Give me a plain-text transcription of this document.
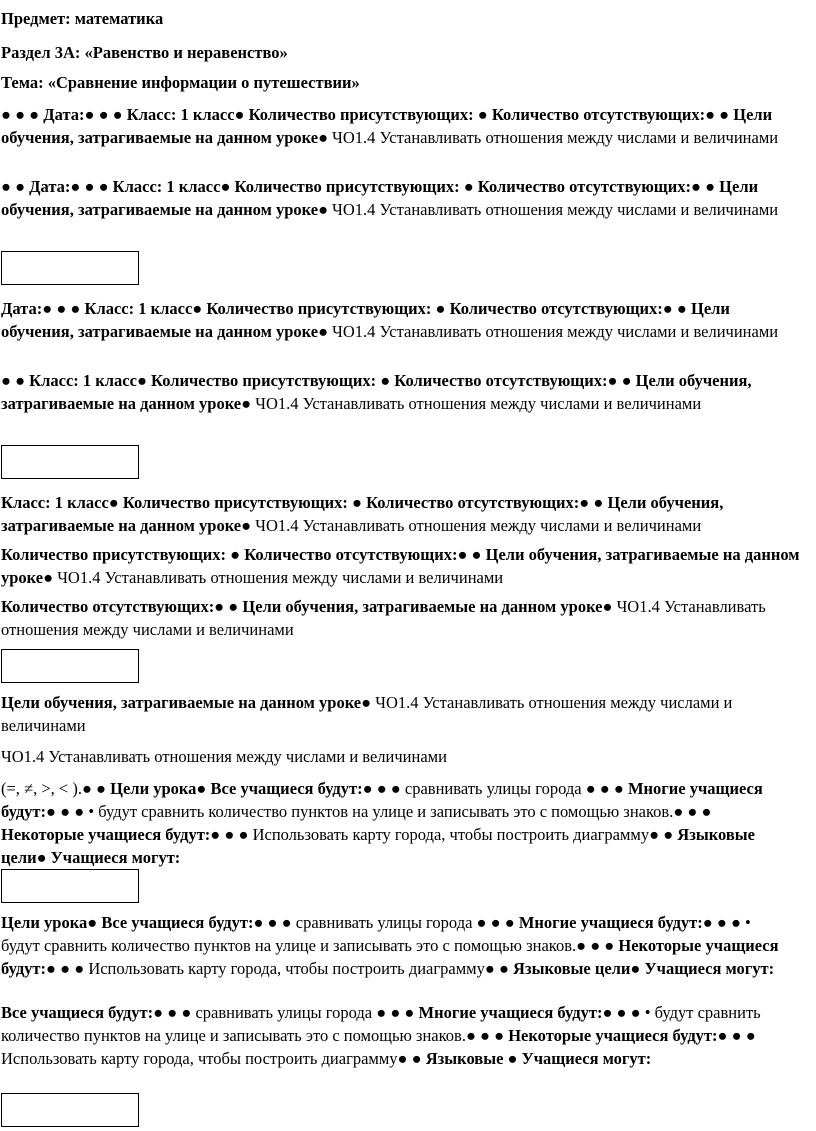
Предмет: математика

Раздел 3А: «Равенство и неравенство»

Тема: «Сравнение информации о путешествии»

● ● ● Дата:● ● ● Класс: 1 класс● Количество присутствующих: ● Количество отсутствующих:● ● Цели обучения, затрагиваемые на данном уроке● ЧО1.4 Устанавливать отношения между числами и величинами

● ● Дата:● ● ● Класс: 1 класс● Количество присутствующих: ● Количество отсутствующих:● ● Цели обучения, затрагиваемые на данном уроке● ЧО1.4 Устанавливать отношения между числами и величинами

Дата:● ● ● Класс: 1 класс● Количество присутствующих: ● Количество отсутствующих:● ● Цели обучения, затрагиваемые на данном уроке● ЧО1.4 Устанавливать отношения между числами и величинами

● ● Класс: 1 класс● Количество присутствующих: ● Количество отсутствующих:● ● Цели обучения, затрагиваемые на данном уроке● ЧО1.4 Устанавливать отношения между числами и величинами

Класс: 1 класс● Количество присутствующих: ● Количество отсутствующих:● ● Цели обучения, затрагиваемые на данном уроке● ЧО1.4 Устанавливать отношения между числами и величинами

Количество присутствующих: ● Количество отсутствующих:● ● Цели обучения, затрагиваемые на данном уроке● ЧО1.4 Устанавливать отношения между числами и величинами

Количество отсутствующих:● ● Цели обучения, затрагиваемые на данном уроке● ЧО1.4 Устанавливать отношения между числами и величинами

Цели обучения, затрагиваемые на данном уроке● ЧО1.4 Устанавливать отношения между числами и величинами

ЧО1.4 Устанавливать отношения между числами и величинами

(=, ≠, >, < ).● ● Цели урока● Все учащиеся будут:● ● ● сравнивать улицы города ● ● ● Многие учащиеся будут:● ● ● • будут сравнить количество пунктов на улице и записывать это с помощью знаков.● ● ● Некоторые учащиеся будут:● ● ● Использовать карту города, чтобы построить диаграмму● ● Языковые цели● Учащиеся могут:

Цели урока● Все учащиеся будут:● ● ● сравнивать улицы города ● ● ● Многие учащиеся будут:● ● ● • будут сравнить количество пунктов на улице и записывать это с помощью знаков.● ● ● Некоторые учащиеся будут:● ● ● Использовать карту города, чтобы построить диаграмму● ● Языковые цели● Учащиеся могут:

Все учащиеся будут:● ● ● сравнивать улицы города ● ● ● Многие учащиеся будут:● ● ● • будут сравнить количество пунктов на улице и записывать это с помощью знаков.● ● ● Некоторые учащиеся будут:● ● ● Использовать карту города, чтобы построить диаграмму● ● Языковые ● Учащиеся могут:
